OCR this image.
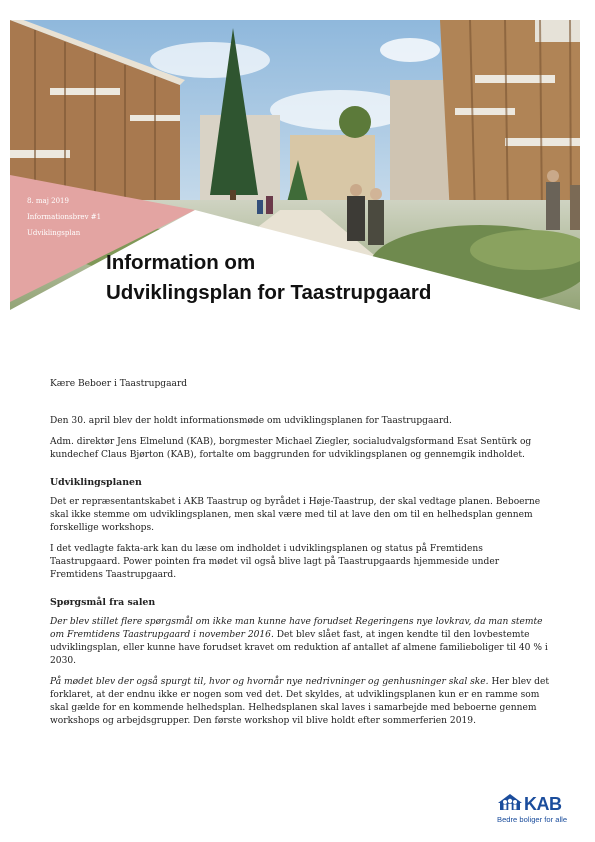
8. maj 2019
Informationsbrev #1
Udviklingsplan
Information om
Udviklingsplan for Taastrupgaard

Kære Beboer i Taastrupgaard

Den 30. april blev der holdt informationsmøde om udviklingsplanen for Taastrupgaard.

Adm. direktør Jens Elmelund (KAB), borgmester Michael Ziegler, socialudvalgsformand Esat Sentürk og kundechef Claus Bjørton (KAB), fortalte om baggrunden for udviklingsplanen og gennemgik indholdet.

Udviklingsplanen

Det er repræsentantskabet i AKB Taastrup og byrådet i Høje-Taastrup, der skal vedtage planen. Beboerne skal ikke stemme om udviklingsplanen, men skal være med til at lave den om til en helhedsplan gennem forskellige workshops.

I det vedlagte fakta-ark kan du læse om indholdet i udviklingsplanen og status på Fremtidens Taastrupgaard. Power pointen fra mødet vil også blive lagt på Taastrupgaards hjemmeside under Fremtidens Taastrupgaard.

Spørgsmål fra salen

Der blev stillet flere spørgsmål om ikke man kunne have forudset Regeringens nye lovkrav, da man stemte om Fremtidens Taastrupgaard i november 2016. Det blev slået fast, at ingen kendte til den lovbestemte udviklingsplan, eller kunne have forudset kravet om reduktion af antallet af almene familieboliger til 40 % i 2030.

På mødet blev der også spurgt til, hvor og hvornår nye nedrivninger og genhusninger skal ske. Her blev det forklaret, at der endnu ikke er nogen som ved det. Det skyldes, at udviklingsplanen kun er en ramme som skal gælde for en kommende helhedsplan. Helhedsplanen skal laves i samarbejde med beboerne gennem workshops og arbejdsgrupper. Den første workshop vil blive holdt efter sommerferien 2019.

KAB
Bedre boliger for alle
